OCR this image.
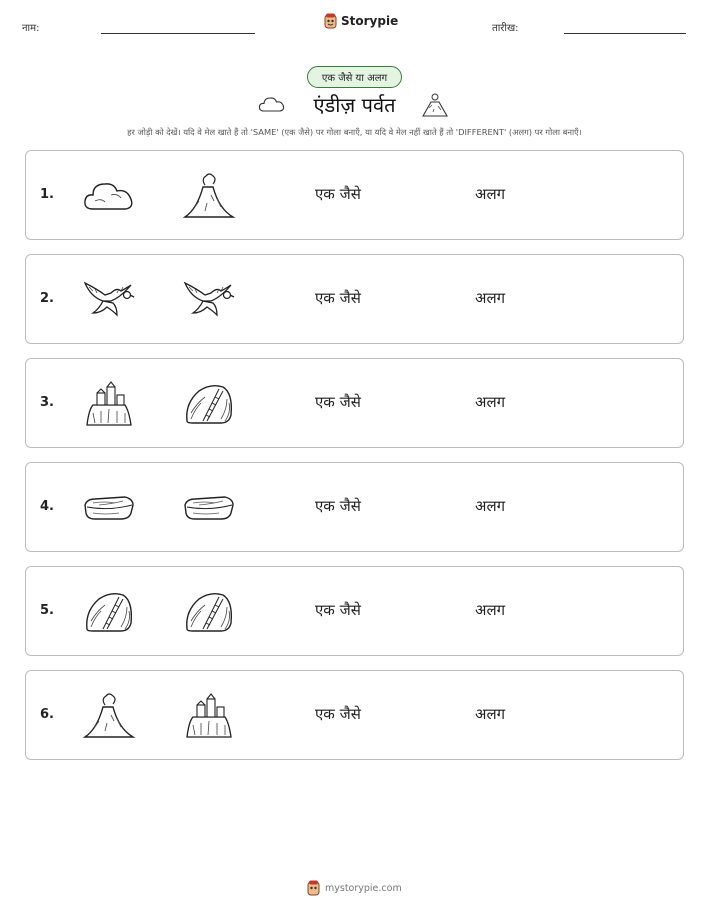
नाम:
Storypie
तारीख:
एक जैसे या अलग
एंडीज़ पर्वत
हर जोड़ी को देखें। यदि वे मेल खाते हैं तो 'SAME' (एक जैसे) पर गोला बनाएँ, या यदि वे मेल नहीं खाते हैं तो 'DIFFERENT' (अलग) पर गोला बनाएँ।
1.	एक जैसे	अलग
2.	एक जैसे	अलग
3.	एक जैसे	अलग
4.	एक जैसे	अलग
5.	एक जैसे	अलग
6.	एक जैसे	अलग
mystorypie.com
